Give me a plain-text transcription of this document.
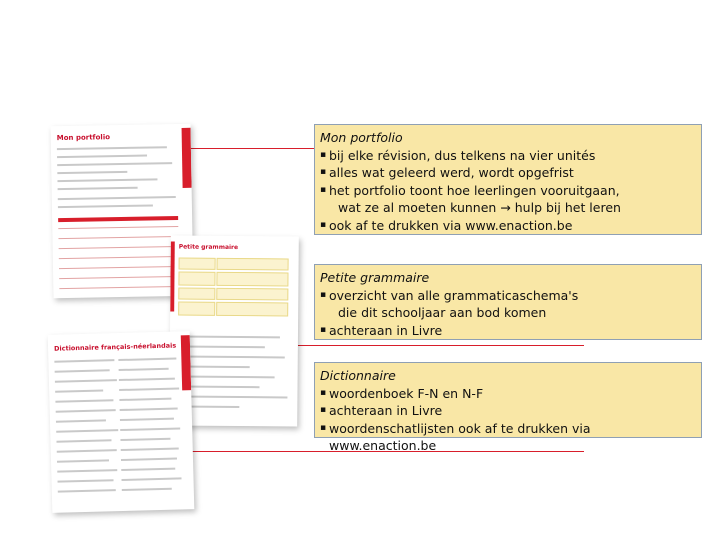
Mon portfolio
Petite grammaire
Dictionnaire français-néerlandais
Mon portfolio
▪ bij elke révision, dus telkens na vier unités
▪ alles wat geleerd werd, wordt opgefrist
▪ het portfolio toont hoe leerlingen vooruitgaan,
wat ze al moeten kunnen → hulp bij het leren
▪ ook af te drukken via www.enaction.be
Petite grammaire
▪ overzicht van alle grammaticaschema's
die dit schooljaar aan bod komen
▪ achteraan in Livre
Dictionnaire
▪ woordenboek F-N en N-F
▪ achteraan in Livre
▪ woordenschatlijsten ook af te drukken via www.enaction.be
